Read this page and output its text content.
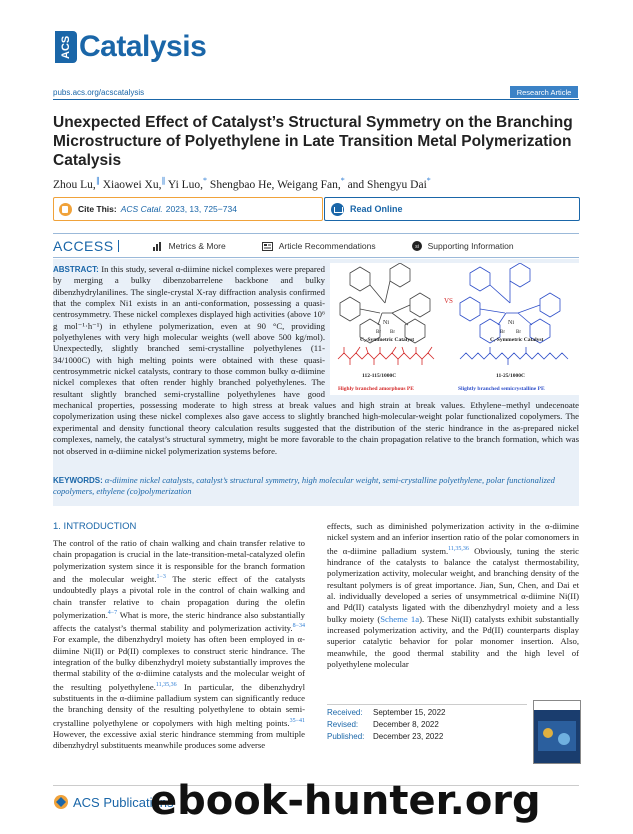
ACS Catalysis
pubs.acs.org/acscatalysis	Research Article
Unexpected Effect of Catalyst’s Structural Symmetry on the Branching Microstructure of Polyethylene in Late Transition Metal Polymerization Catalysis
Zhou Lu,∥ Xiaowei Xu,∥ Yi Luo,* Shengbao He, Weigang Fan,* and Shengyu Dai*
Cite This: ACS Catal. 2023, 13, 725−734	Read Online
ACCESS	Metrics & More	Article Recommendations	si Supporting Information

ABSTRACT: In this study, several α-diimine nickel complexes were prepared by merging a bulky dibenzobarrelene backbone and bulky dibenzhydrylanilines. The single-crystal X-ray diffraction analysis confirmed that the complex Ni1 exists in an anti-conformation, possessing a quasi-centrosymmetry. These nickel complexes displayed high activities (above 10⁶ g mol⁻¹·h⁻¹) in ethylene polymerization, even at 90 °C, providing polyethylenes with very high molecular weights (well above 500 kg/mol). Unexpectedly, slightly branched semi-crystalline polyethylenes (11-34/1000C) with high melting points were obtained with these quasi-centrosymmetric nickel catalysts, contrary to those common bulky α-diimine nickel complexes that often render highly branched polyethylenes. The resultant slightly branched semi-crystalline polyethylenes have good mechanical properties, possessing moderate to high stress at break values and high strain at break values. Ethylene−methyl undecenoate copolymerization using these nickel complexes also gave access to slightly branched high-molecular-weight polar functionalized copolymers. The experimental and density functional theory calculation results suggested that the distribution of the steric hindrance in the as-prepared nickel complexes, namely, the catalyst’s structural symmetry, might be more favorable to the chain propagation relative to the branch formation, which was not observed in α-diimine nickel polymerization systems before.

Ni
Br Br
C₂-Symmetric Catalyst
VS
Ni
Br Br
Cᵢ-Symmetric Catalyst
112-115/1000C
Highly branched amorphous PE
11-25/1000C
Slightly branched semicrystalline PE

KEYWORDS: α-diimine nickel catalysts, catalyst’s structural symmetry, high molecular weight, semi-crystalline polyethylene, polar functionalized copolymers, ethylene (co)polymerization

1. INTRODUCTION

The control of the ratio of chain walking and chain transfer relative to chain propagation is crucial in the late-transition-metal-catalyzed olefin polymerization system since it is responsible for the branch formation and the molecular weight.$^{1-3}$ The steric effect of the catalysts undoubtedly plays a pivotal role in the control of chain walking and chain transfer relative to chain propagation during the olefin polymerization.$^{4-7}$ What is more, the steric hindrance also substantially affects the catalyst’s thermal stability and polymerization activity.$^{8-34}$ For example, the dibenzhydryl moiety has often been employed in α-diimine Ni(II) or Pd(II) complexes to construct steric hindrance. The integration of the bulky dibenzhydryl moiety substantially improves the thermal stability of the α-diimine catalysts and the molecular weight of the resulting polyethylene.$^{11,35,36}$ In particular, the dibenzhydryl substituents in the α-diimine palladium system can significantly reduce the branching density of the resulting polyethylene to obtain semi-crystalline polyethylene or copolymers with high melting points.$^{35-41}$ However, the excessive axial steric hindrance stemming from multiple dibenzhydryl substituents meanwhile produces some adverse

effects, such as diminished polymerization activity in the α-diimine nickel system and an inferior insertion ratio of the polar comonomers in the α-diimine palladium system.$^{11,35,36}$ Obviously, tuning the steric hindrance of the catalysts to balance the catalyst thermostability, polymerization activity, molecular weight, and branching density of the resultant polymers is of great importance. Jian, Sun, Chen, and Dai et al. individually developed a series of unsymmetrical α-diimine Ni(II) and Pd(II) catalysts ligated with the dibenzhydryl moiety and a less bulky moiety (Scheme 1a). These Ni(II) catalysts exhibit substantially increased polymerization activity, and the Pd(II) counterparts display superior catalytic behavior for polar monomer insertion. Also, meanwhile, the good thermal stability and the high level of polyethylene molecular

Received: September 15, 2022
Revised: December 8, 2022
Published: December 23, 2022
ACS Publications
ebook-hunter.org
